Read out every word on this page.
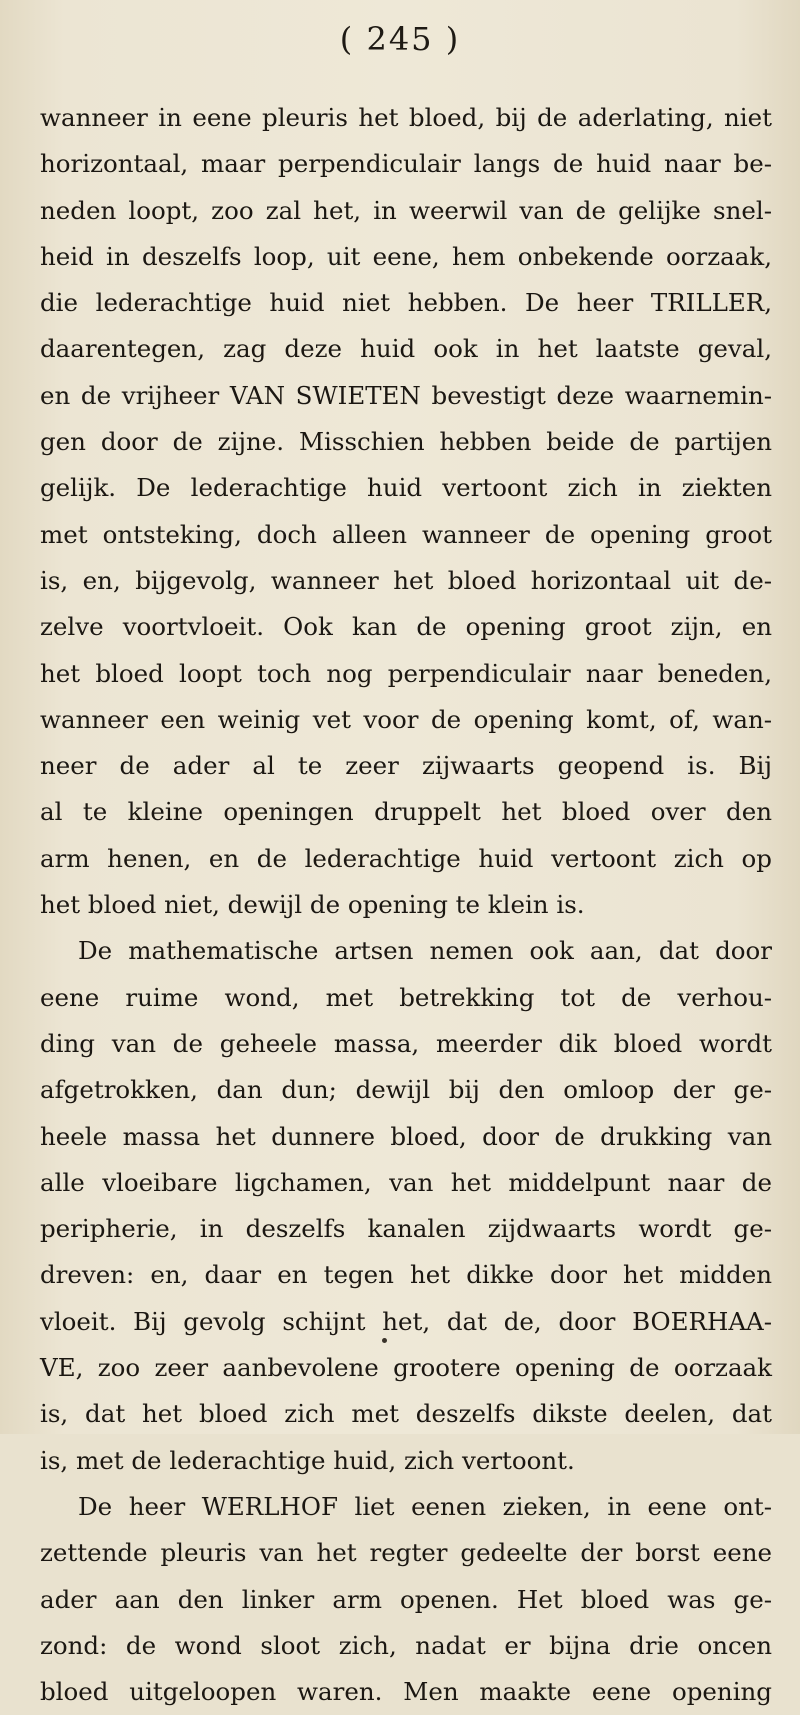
( 245 )
wanneer in eene pleuris het bloed, bij de aderlating, niet
horizontaal, maar perpendiculair langs de huid naar be-
neden loopt, zoo zal het, in weerwil van de gelijke snel-
heid in deszelfs loop, uit eene, hem onbekende oorzaak,
die lederachtige huid niet hebben. De heer TRILLER,
daarentegen, zag deze huid ook in het laatste geval,
en de vrijheer VAN SWIETEN bevestigt deze waarnemin-
gen door de zijne. Misschien hebben beide de partijen
gelijk. De lederachtige huid vertoont zich in ziekten
met ontsteking, doch alleen wanneer de opening groot
is, en, bijgevolg, wanneer het bloed horizontaal uit de-
zelve voortvloeit. Ook kan de opening groot zijn, en
het bloed loopt toch nog perpendiculair naar beneden,
wanneer een weinig vet voor de opening komt, of, wan-
neer de ader al te zeer zijwaarts geopend is. Bij
al te kleine openingen druppelt het bloed over den
arm henen, en de lederachtige huid vertoont zich op
het bloed niet, dewijl de opening te klein is.
De mathematische artsen nemen ook aan, dat door
eene ruime wond, met betrekking tot de verhou-
ding van de geheele massa, meerder dik bloed wordt
afgetrokken, dan dun; dewijl bij den omloop der ge-
heele massa het dunnere bloed, door de drukking van
alle vloeibare ligchamen, van het middelpunt naar de
peripherie, in deszelfs kanalen zijdwaarts wordt ge-
dreven: en, daar en tegen het dikke door het midden
vloeit. Bij gevolg schijnt het, dat de, door BOERHAA-
VE, zoo zeer aanbevolene grootere opening de oorzaak
is, dat het bloed zich met deszelfs dikste deelen, dat
is, met de lederachtige huid, zich vertoont.
De heer WERLHOF liet eenen zieken, in eene ont-
zettende pleuris van het regter gedeelte der borst eene
ader aan den linker arm openen. Het bloed was ge-
zond: de wond sloot zich, nadat er bijna drie oncen
bloed uitgeloopen waren. Men maakte eene opening
